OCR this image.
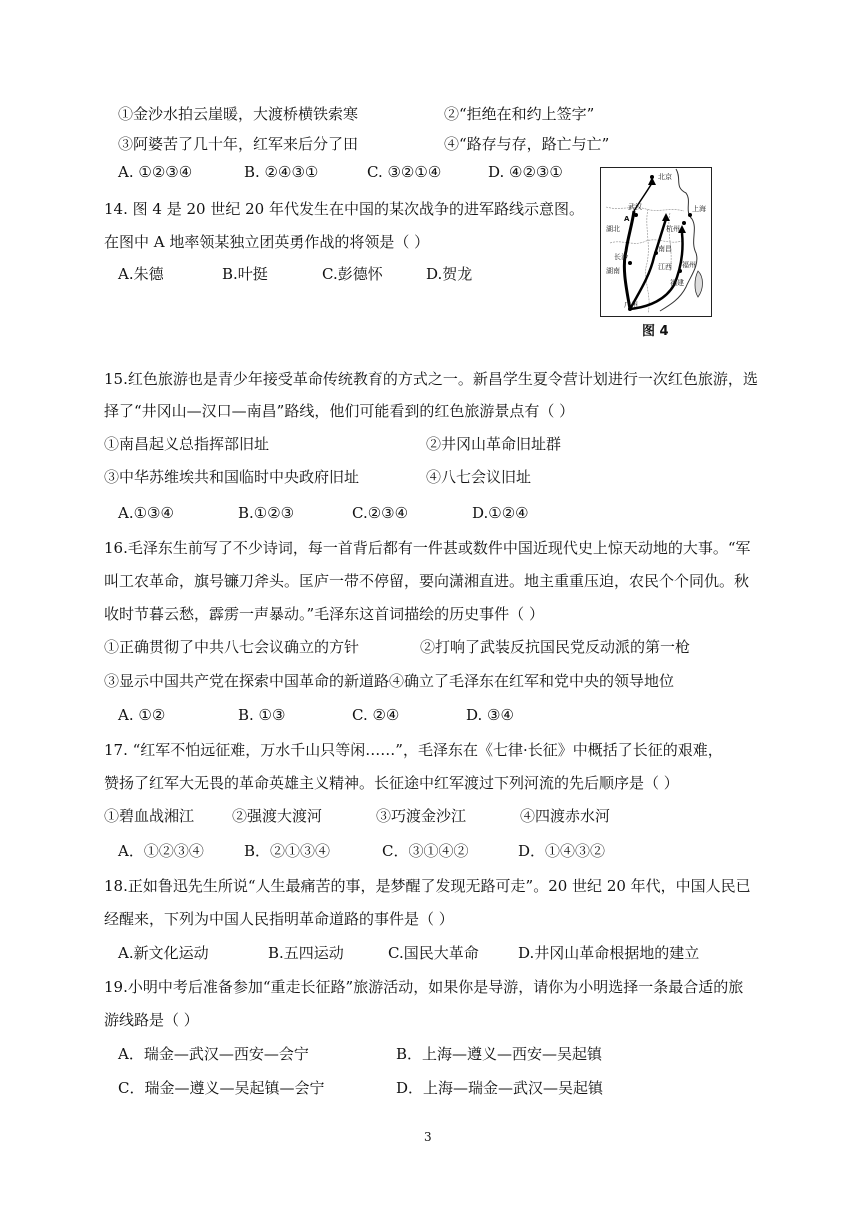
①金沙水拍云崖暖，大渡桥横铁索寒	②“拒绝在和约上签字”
③阿婆苦了几十年，红军来后分了田	④“路存与存，路亡与亡”
A. ①②③④	B. ②④③①	C. ③②①④	D. ④②③①	北京
湖北
武汉
湖南
长沙
南昌
江西
杭州
上海
福建
福州
广州
A
图 4
14. 图 4 是 20 世纪 20 年代发生在中国的某次战争的进军路线示意图。
在图中 A 地率领某独立团英勇作战的将领是（ ）
A.朱德	B.叶挺	C.彭德怀	D.贺龙
15.红色旅游也是青少年接受革命传统教育的方式之一。新昌学生夏令营计划进行一次红色旅游，选
择了“井冈山—汉口—南昌”路线，他们可能看到的红色旅游景点有（ ）
①南昌起义总指挥部旧址	②井冈山革命旧址群
③中华苏维埃共和国临时中央政府旧址	④八七会议旧址
A.①③④	B.①②③	C.②③④	D.①②④
16.毛泽东生前写了不少诗词，每一首背后都有一件甚或数件中国近现代史上惊天动地的大事。“军
叫工农革命，旗号镰刀斧头。匡庐一带不停留，要向潇湘直进。地主重重压迫，农民个个同仇。秋
收时节暮云愁，霹雳一声暴动。”毛泽东这首词描绘的历史事件（ ）
①正确贯彻了中共八七会议确立的方针	②打响了武装反抗国民党反动派的第一枪
③显示中国共产党在探索中国革命的新道路④确立了毛泽东在红军和党中央的领导地位
A. ①②	B. ①③	C. ②④	D. ③④
17. “红军不怕远征难，万水千山只等闲……”，毛泽东在《七律·长征》中概括了长征的艰难，
赞扬了红军大无畏的革命英雄主义精神。长征途中红军渡过下列河流的先后顺序是（ ）
①碧血战湘江	②强渡大渡河	③巧渡金沙江	④四渡赤水河
A．①②③④	B．②①③④	C．③①④②	D．①④③②
18.正如鲁迅先生所说“人生最痛苦的事，是梦醒了发现无路可走”。20 世纪 20 年代，中国人民已
经醒来，下列为中国人民指明革命道路的事件是（ ）
A.新文化运动	B.五四运动	C.国民大革命	D.井冈山革命根据地的建立
19.小明中考后准备参加“重走长征路”旅游活动，如果你是导游，请你为小明选择一条最合适的旅
游线路是（ ）
A．瑞金—武汉—西安—会宁	B．上海—遵义—西安—吴起镇
C．瑞金—遵义—吴起镇—会宁	D．上海—瑞金—武汉—吴起镇
3
